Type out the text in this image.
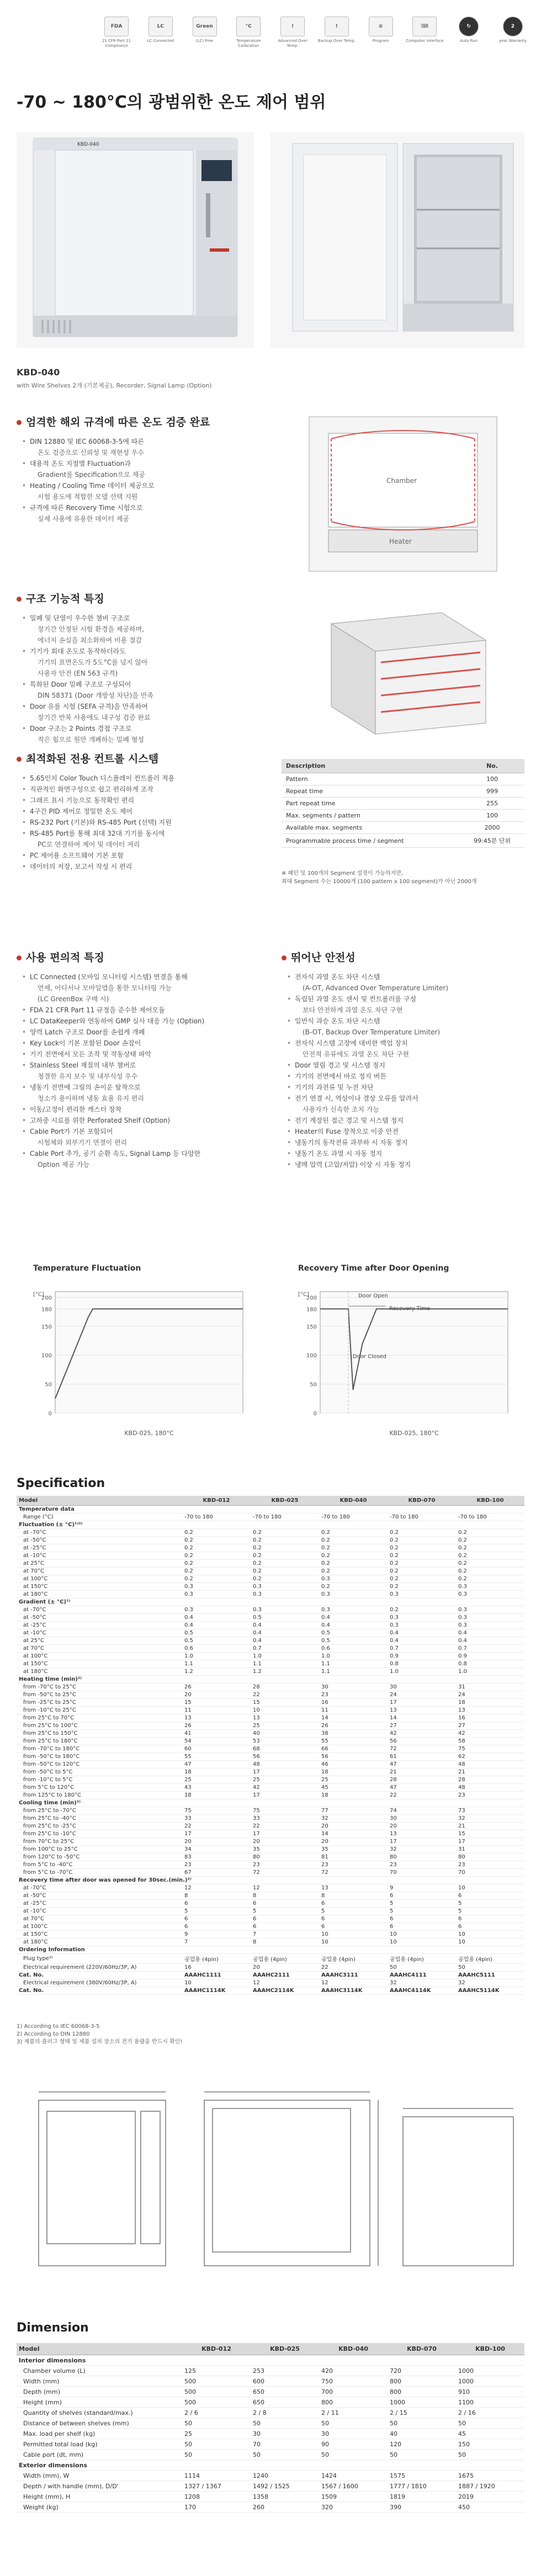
FDA
21 CFR Part 11 Compliance
LC
LC Connected
Green
(LC) Free
°C
Temperature Calibration
!
Advanced Over Temp.
!
Backup Over Temp.
≡
Program
⌨
Computer interface
↻
Auto Run
2
year Warranty
-70 ~ 180°C의 광범위한 온도 제어 범위
KBD-040
KBD-040
with Wire Shelves 2개 (기본제공), Recorder, Signal Lamp (Option)
엄격한 해외 규격에 따른 온도 검증 완료
• DIN 12880 및 IEC 60068-3-5에 따른
온도 검증으로 신뢰성 및 재현성 우수
• 대용적 온도 지점별 Fluctuation과
Gradient를 Specification으로 제공
• Heating / Cooling Time 데이터 제공으로
시험 용도에 적합한 모델 선택 지원
• 규격에 따른 Recovery Time 시험으로
실제 사용에 유용한 데이터 제공
Chamber
Heater
구조 기능적 특징
• 밀폐 및 단열이 우수한 챔버 구조로
장기간 안정된 시험 환경을 제공하며,
에너지 손실을 최소화하여 비용 절감
• 기기가 회대 온도로 동작하더라도
기기의 표면온도가 5도°C를 넘지 않아
사용자 안전 (EN 563 규격)
• 특화된 Door 밀폐 구조로 구성되어
DIN 58371 (Door 개방성 차단)을 만족
• Door 유를 시험 (SEFA 규격)을 만족하여
장기간 반복 사용에도 내구성 검증 완료
• Door 구조는 2 Points 경첩 구조로
적은 힘으로 원만 개폐하는 밀폐 형성
최적화된 전용 컨트롤 시스템
• 5.65인치 Color Touch 디스플레이 컨트롤러 적용
• 직관적인 화면구성으로 쉽고 편리하게 조작
• 그래프 표시 기능으로 동작확인 편리
• 4구간 PID 제어로 정밀한 온도 제어
• RS-232 Port (기본)와 RS-485 Port (선택) 지원
• RS-485 Port를 통해 최대 32대 기기를 동시에
PC로 연결하여 제어 및 데이터 저리
• PC 제어용 소프트웨어 기본 포함
• 데이터의 저장, 보고서 작성 시 편리
Description	No.
Pattern	100
Repeat time	999
Part repeat time	255
Max. segments / pattern	100
Available max. segments	2000
Programmable process time / segment	99:45분 단위
※ 패턴 및 100개의 Segment 설정이 가능하지만,
최대 Segment 수는 10000개 (100 pattern x 100 segment)가 아닌 2000개
사용 편의적 특징
• LC Connected (모바일 모니터링 시스템) 연결을 통해
언제, 어디서나 모바일앱을 통한 모니터링 가능
(LC GreenBox 구매 시)
• FDA 21 CFR Part 11 규정을 준수한 제어모듈
• LC DataKeeper와 연동하여 GMP 실사 대응 가능 (Option)
• 양력 Latch 구조로 Door를 손쉽게 개폐
• Key Lock이 기본 포함된 Door 손잡이
• 기기 전면에서 모든 조작 및 작동상태 파악
• Stainless Steel 재질의 내부 챔버로
청결한 유지 보수 및 내부식성 우수
• 냉동기 전면에 그릴의 손이운 탈착으로
청소가 용이하며 냉동 효율 유지 편리
• 이동/고정이 편리한 캐스터 장착
• 고하중 시료를 위한 Perforated Shelf (Option)
• Cable Port가 기본 포함되어
시험체와 외부기기 연결이 편리
• Cable Port 추가, 공기 순환 속도, Signal Lamp 등 다양한
Option 제공 가능
뛰어난 안전성
• 전자식 과열 온도 차단 시스템
(A-OT, Advanced Over Temperature Limiter)
• 독립된 과열 온도 센서 및 컨트롤러를 구성
보다 안전하게 과열 온도 차단 구현
• 일반식 과승 온도 차단 시스템
(B-OT, Backup Over Temperature Limiter)
• 전자식 시스템 고장에 대비한 백업 장치
안전적 유류에도 과열 온도 차단 구현
• Door 열림 경고 및 시스템 정지
• 기기의 전면에서 바로 정지 버튼
• 기기의 과전류 및 누전 차단
• 전기 연결 시, 역상이나 결상 오류를 알려서
사용자가 신속한 조치 가능
• 전기 계장된 접근 경고 및 시스템 정지
• Heater의 Fuse 장착으로 이중 안전
• 냉동기의 동작전류 과부하 시 자동 정지
• 냉동기 온도 과열 시 자동 정지
• 냉매 압력 (고압/저압) 이상 시 자동 정지
Temperature Fluctuation
200
180
150
100
50
0
[°C]
KBD-025, 180°C
Recovery Time after Door Opening
200
180
150
100
50
0
[°C]
KBD-025, 180°C
Door Open
Recovery Time
Door Closed
Specification
Model	KBD-012	KBD-025	KBD-040	KBD-070	KBD-100
Temperature data					
Range (°C)	-70 to 180	-70 to 180	-70 to 180	-70 to 180	-70 to 180
Fluctuation (± °C)¹⁾²⁾					
at -70°C	0.2	0.2	0.2	0.2	0.2
at -50°C	0.2	0.2	0.2	0.2	0.2
at -25°C	0.2	0.2	0.2	0.2	0.2
at -10°C	0.2	0.2	0.2	0.2	0.2
at 25°C	0.2	0.2	0.2	0.2	0.2
at 70°C	0.2	0.2	0.2	0.2	0.2
at 100°C	0.2	0.2	0.3	0.2	0.2
at 150°C	0.3	0.3	0.2	0.2	0.3
at 180°C	0.3	0.3	0.3	0.3	0.3
Gradient (± °C)¹⁾					
at -70°C	0.3	0.3	0.3	0.2	0.3
at -50°C	0.4	0.5	0.4	0.3	0.3
at -25°C	0.4	0.4	0.4	0.3	0.3
at -10°C	0.5	0.4	0.5	0.4	0.4
at 25°C	0.5	0.4	0.5	0.4	0.4
at 70°C	0.6	0.7	0.6	0.7	0.7
at 100°C	1.0	1.0	1.0	0.9	0.9
at 150°C	1.1	1.1	1.1	0.8	0.8
at 180°C	1.2	1.2	1.1	1.0	1.0
Heating time (min)²⁾					
from -70°C to 25°C	26	28	30	30	31
from -50°C to 25°C	20	22	23	24	24
from -25°C to 25°C	15	15	16	17	18
from -10°C to 25°C	11	10	11	13	13
from 25°C to 70°C	13	13	14	14	16
from 25°C to 100°C	26	25	26	27	27
from 25°C to 150°C	41	40	38	42	42
from 25°C to 180°C	54	53	55	56	58
from -70°C to 180°C	60	68	66	72	75
from -50°C to 180°C	55	56	56	61	62
from -50°C to 120°C	47	48	46	47	48
from -50°C to 5°C	18	17	18	21	21
from -10°C to 5°C	25	25	25	28	28
from 5°C to 120°C	43	42	45	47	48
from 125°C to 180°C	18	17	18	22	23
Cooling time (min)²⁾					
from 25°C to -70°C	75	75	77	74	73
from 25°C to -40°C	33	33	32	30	32
from 25°C to -25°C	22	22	20	20	21
from 25°C to -10°C	17	17	14	13	15
from 70°C to 25°C	20	20	20	17	17
from 100°C to 25°C	34	35	35	32	31
from 120°C to -50°C	83	80	81	80	80
from 5°C to -40°C	23	23	23	23	23
from 5°C to -70°C	67	72	72	70	70
Recovery time after door was opened for 30sec.(min.)²⁾					
at -70°C	12	12	13	9	10
at -50°C	8	8	8	6	6
at -25°C	6	6	6	5	5
at -10°C	5	5	5	5	5
at 70°C	6	6	6	6	6
at 100°C	6	6	6	6	6
at 150°C	9	7	10	10	10
at 180°C	7	8	10	10	10
Ordering Information					
Plug type³⁾	공업용 (4pin)	공업용 (4pin)	공업용 (4pin)	공업용 (4pin)	공업용 (4pin)
Electrical requirement (220V/60Hz/3P, A)	16	20	22	50	50
Cat. No.	AAAHC1111	AAAHC2111	AAAHC3111	AAAHC4111	AAAHC5111
Electrical requirement (380V/60Hz/3P, A)	10	12	12	32	32
Cat. No.	AAAHC1114K	AAAHC2114K	AAAHC3114K	AAAHC4114K	AAAHC5114K
1) According to IEC 60068-3-5
2) According to DIN 12880
3) 제품의 플러그 형태 및 제품 설치 장소의 전기 용량을 반드시 확인!
Dimension
Model	KBD-012	KBD-025	KBD-040	KBD-070	KBD-100
Interior dimensions					
Chamber volume (L)	125	253	420	720	1000
Width (mm)	500	600	750	800	1000
Depth (mm)	500	650	700	800	910
Height (mm)	500	650	800	1000	1100
Quantity of shelves (standard/max.)	2 / 6	2 / 8	2 / 11	2 / 15	2 / 16
Distance of between shelves (mm)	50	50	50	50	50
Max. load per shelf (kg)	25	30	30	40	45
Permitted total load (kg)	50	70	90	120	150
Cable port (dt, mm)	50	50	50	50	50
Exterior dimensions					
Width (mm), W	1114	1240	1424	1575	1675
Depth / with handle (mm), D/D'	1327 / 1367	1492 / 1525	1567 / 1600	1777 / 1810	1887 / 1920
Height (mm), H	1208	1358	1509	1819	2019
Weight (kg)	170	260	320	390	450
